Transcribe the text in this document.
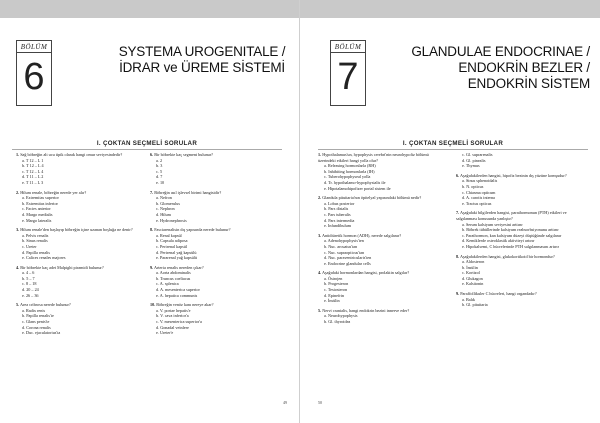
BÖLÜM
6
SYSTEMA UROGENITALE /
İDRAR ve ÜREME SİSTEMİ
I. ÇOKTAN SEÇMELİ SORULAR
1. Sağ böbreğin alt ucu tipik olarak hangi omur seviyesindedir?
a. T 12 – L 1
b. T 12 – L 4
c. T 12 – L 4
d. T 11 – L 2
e. T 11 – L 3
2. Hilum renale, böbreğin nerede yer alır?
a. Extremitas superior
b. Extremitas inferior
c. Facies anterior
d. Margo medialis
e. Margo lateralis
3. Hilum renale'den başlayıp böbreğin içine uzanan boşluğa ne denir?
a. Pelvis renalis
b. Sinus renalis
c. Ureter
d. Papilla renalis
e. Calices renales majores
4. Bir böbrekte kaç adet Malpighi piramidi bulunur?
a. 4 – 6
b. 5 – 7
c. 8 – 18
d. 20 – 24
e. 26 – 36
5. Area cribrosa nerede bulunur?
a. Radix renis
b. Papilla renalis'te
c. Glans penis'te
d. Corona renalis
e. Duc. ejaculatorius'ta
6. Bir böbrekte kaç segment bulunur?
a. 2
b. 3
c. 5
d. 7
e. 10
7. Böbreğin asıl işlevsel birimi hangisidir?
a. Nefron
b. Glomerulus
c. Nephron
d. Hilum
e. Hydronephrosis
8. Fasciarenalisin dış yapısında nerede bulunur?
a. Renal kapsül
b. Capsula adiposa
c. Perirenal kapsül
d. Perirenal yağ kapsülü
e. Pararenal yağ kapsülü
9. Arteria renalis nereden çıkar?
a. Aorta abdominalis
b. Truncus coeliacus
c. A. splenica
d. A. mesenterica superior
e. A. hepatica communis
10. Böbreğin venöz kanı nereye akar?
a. V. portae hepatis'e
b. V. cava inferior'a
c. V. mesenterica superior'a
d. Gonadal veinlere
e. Ureter'e
49
BÖLÜM
7
GLANDULAE ENDOCRINAE /
ENDOKRİN BEZLER /
ENDOKRİN SİSTEM
I. ÇOKTAN SEÇMELİ SORULAR
1. Hypothalamus'un, hypophysis cerebri'nin neurohypofiz bölümü üzerindeki etkileri hangi yolla olur?
a. Releasing hormonlarla (RH)
b. Inhibiting hormonlarla (IH)
c. Tuberohypophyseal yolla
d. Tr. hypothalamo-hypophysialis ile
e. Hipotalamohipofizer portal sistem ile
2. Glandula pituitaria'nın öpitelyal yapısındaki bölümü nedir?
a. Lobus posterior
b. Pars distalis
c. Pars tuberalis
d. Pars intermedia
e. Infundibulum
3. Antidiüretik hormon (ADH), nerede salgılanır?
a. Adenohypophysis'ten
b. Nuc. arcuatus'tan
c. Nuc. supraopticus'tan
d. Nuc. paraventricularis'ten
e. Endocrine glandular cells
4. Aşağıdaki hormonlardan hangisi, prolaktin salgılar?
a. Östrojen
b. Progesteron
c. Testosteron
d. Epinefrin
e. İnsülin
5. Nervi cranialis, hangi endokrin bezini innerve eder?
a. Neurohypophysis
b. Gl. thyroidea
c. Gl. suprarenalis
d. Gl. pinealis
e. Thymus
6. Aşağıdakilerden hangisi, hipofiz bezinin dış yüzüne komşudur?
a. Sinus sphenoidalis
b. N. opticus
c. Chiasma opticum
d. A. carotis interna
e. Tractus opticus
7. Aşağıdaki bilgilerden hangisi, parathormonun (PTH) etkileri ve salgılanması konusunda yanlıştır?
a. Serum kalsiyum seviyesini arttırır
b. Böbrek tübüllerinde kalsiyum reabsorbsiyonunu arttırır
c. Parathormon, kan kalsiyum düzeyi düştüğünde salgılanır
d. Kemiklerde osteoklastik aktiviteyi artırır
e. Hipokalsemi, C hücrelerinde PTH salgılanmasını artırır
8. Aşağıdakilerden hangisi, glukokortikoid bir hormondur?
a. Aldosteron
b. İnsülin
c. Kortizol
d. Glukagon
e. Kalsitonin
9. Paraffollikuler C hücreleri, hangi organdadır?
a. Balık
b. Gl. pituitaria
50
